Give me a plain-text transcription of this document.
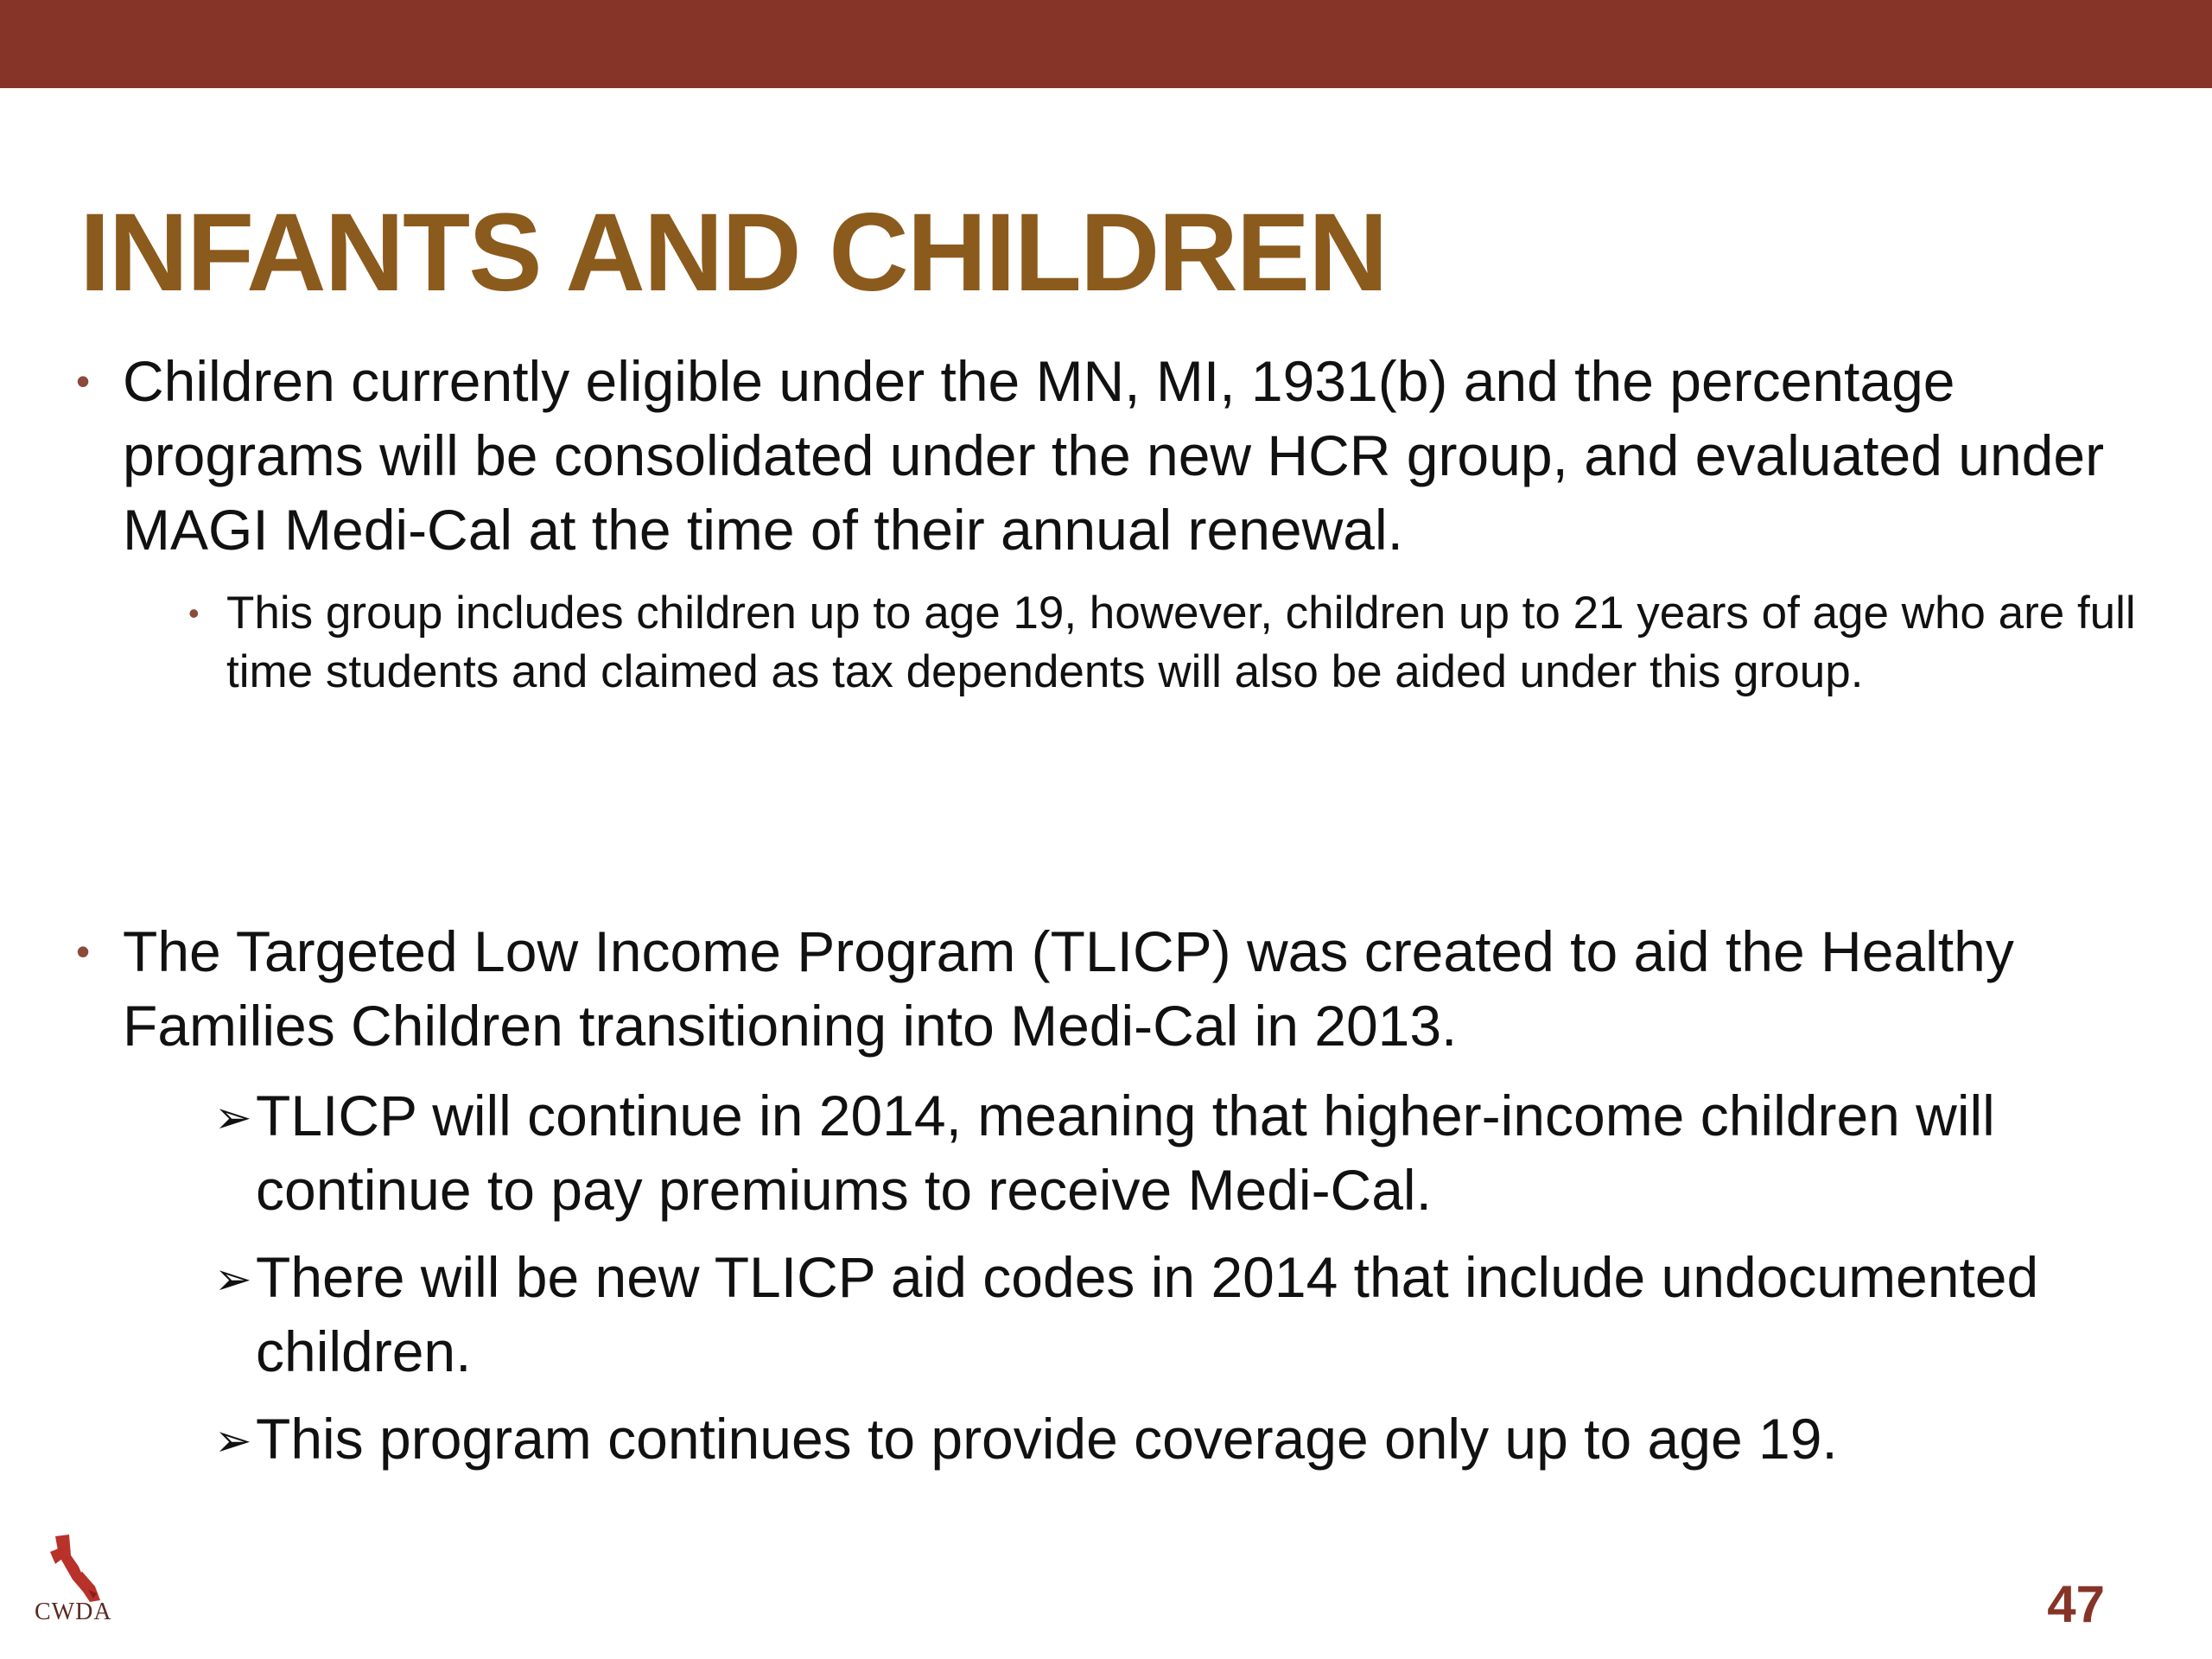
INFANTS AND CHILDREN
• Children currently eligible under the MN, MI, 1931(b) and the percentage programs will be consolidated under the new HCR group, and evaluated under MAGI Medi-Cal at the time of their annual renewal.
• This group includes children up to age 19, however, children up to 21 years of age who are full time students and claimed as tax dependents will also be aided under this group.
• The Targeted Low Income Program (TLICP) was created to aid the Healthy Families Children transitioning into Medi-Cal in 2013.
➢ TLICP will continue in 2014, meaning that higher-income children will continue to pay premiums to receive Medi-Cal.
➢ There will be new TLICP aid codes in 2014 that include undocumented children.
➢ This program continues to provide coverage only up to age 19.
CWDA	47
